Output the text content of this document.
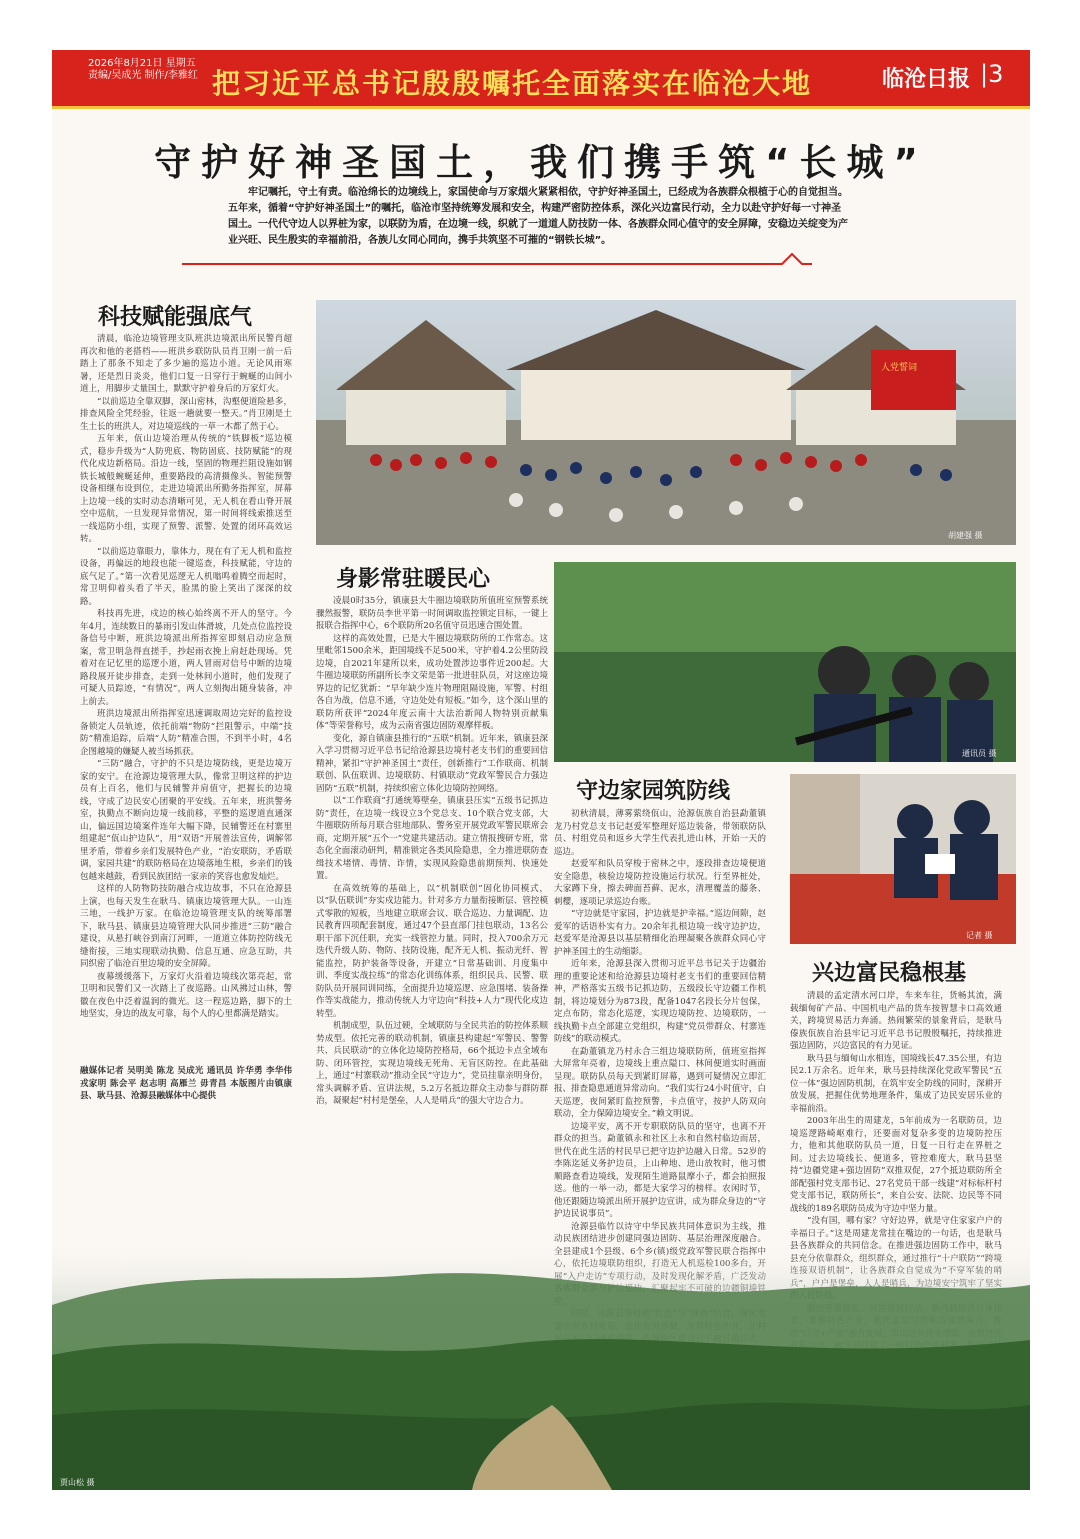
2026年8月21日 星期五
责编/吴成光 制作/李雅红 把习近平总书记殷殷嘱托全面落实在临沧大地	临沧日报 |3
守护好神圣国土，我们携手筑“长城”
牢记嘱托，守土有责。临沧绵长的边境线上，家国使命与万家烟火紧紧相依，守护好神圣国土，已经成为各族群众根植于心的自觉担当。五年来，循着“守护好神圣国土”的嘱托，临沧市坚持统筹发展和安全，构建严密防控体系，深化兴边富民行动，全力以赴守护好每一寸神圣国土。一代代守边人以界桩为家，以联防为盾，在边境一线，织就了一道道人防技防一体、各族群众同心值守的安全屏障，安稳边关绽变为产业兴旺、民生殷实的幸福前沿，各族儿女同心同向，携手共筑坚不可摧的“钢铁长城”。
科技赋能强底气

清晨，临沧边境管理支队班洪边境派出所民警肖超再次和他的老搭档——班洪乡联防队员肖卫刚一前一后踏上了那条不知走了多少遍的巡边小道。无论风雨寒暑，还是烈日炎炎，他们口复一日穿行于蜿蜒的山间小道上，用脚步丈量国土，默默守护着身后的万家灯火。

“以前巡边全靠双脚，深山密林，沟壑便道险悬多，排查风险全凭经验，往返一趟就要一整天。”肖卫刚是土生土长的班洪人，对边境巡线的一草一木都了然于心。

五年来，佤山边境治理从传统的“铁脚板”巡边模式，稳步升级为“人防兜底、物防固底、技防赋能”的现代化戍边新格局。沿边一线，坚固的物理拦阻设施如钢铁长城般蜿蜒延伸，重要路段的高清摄像头、智能预警设备相继布设到位，走进边境派出所勤务指挥室，屏幕上边境一线的实时动态清晰可见，无人机在看山脊开展空中巡航，一旦发现异常情况，第一时间将线索推送至一线巡防小组，实现了预警、派警、处置的闭环高效运转。

“以前巡边靠眼力，靠体力，现在有了无人机和监控设备，再偏远的地段也能一键巡查，科技赋能，守边的底气足了。”第一次看见巡逻无人机嗡鸣着腾空而起时，常卫明仰着头看了半天，脸黑的脸上笑出了深深的纹路。

科技再先进，戍边的核心始终离不开人的坚守。今年4月，连续数日的暴雨引发山体滑坡，几处点位监控设备信号中断，班洪边境派出所指挥室即刻启动应急预案，常卫明急得直搓手，抄起雨衣挽上肩赶赴现场。凭着对在记忆里的巡逻小道，两人冒雨对信号中断的边境路段展开徒步排查，走到一处林间小道时，他们发现了可疑人员踪迹，“有情况”，两人立刻掏出随身装备，冲上前去。

班洪边境派出所指挥室迅速调取周边完好的监控设备锁定人员轨迹，依托前端“物防”拦阻警示，中端“技防”精准追踪，后端“人防”精准合围，不到半小时，4名企图越境的嫌疑人被当场抓获。

“三防”融合，守护的不只是边境防线，更是边境万家的安宁。在沧源边境管理大队，像常卫明这样的护边员有上百名，他们与民辅警并肩值守，把握长的边境线，守成了边民安心团聚的平安线。五年来，班洪警务室，执勤点不断向边境一线前移，平整的巡逻道直通深山，偏远国边境案件连年大幅下降，民辅警还在村寨里组建起“佤山护边队”，用“双语”开展普法宣传，调解邻里矛盾，带着乡亲们发展特色产业，“治安联防，矛盾联调，家园共建”的联防格局在边境落地生根，乡亲们的钱包越来越鼓，看到民族团结一家亲的笑容也愈发灿烂。

这样的人防物防技防融合戍边故事，不只在沧源县上演，也每天发生在耿马、镇康边境管理大队。一山连三地，一线护万家。在临沧边境管理支队的统筹部署下，耿马县、镇康县边境管理大队同步推进“三防”融合建设，从悬打峡谷到南汀河畔，一道道立体防控防线无缝衔接，三地实现联动执勤、信息互通、应急互助，共同织密了临沧百里边境的安全屏障。

夜幕缓缓落下，万家灯火沿着边境线次第亮起，常卫明和民警们又一次踏上了夜巡路。山风拂过山林，警徽在夜色中泛着温润的微光。这一程巡边路，脚下的土地坚实，身边的战友可靠，每个人的心里都满是踏实。

融媒体记者 吴明美 陈龙 吴成光 通讯员 许华勇 李华伟 戎家明 陈会平 赵志明 高雁兰 毋青昌 本版图片由镇康县、耿马县、沧源县融媒体中心提供
人党誓词
胡建强 摄
身影常驻暖民心

凌晨0时35分，镇康县大牛圈边境联防所值班室预警系统骤然报警，联防员李世平第一时间调取监控锁定目标，一键上报联合指挥中心，6个联防所20名值守员迅速合围处置。

这样的高效处置，已是大牛圈边境联防所的工作常态。这里毗邻1500余米，距国境线不足500米，守护着4.2公里防段边境，自2021年建所以来，成功处置涉边事件近200起。大牛圈边境联防所副所长李文荣是第一批进驻队员，对这座边境界边的记忆犹新：“早年缺少连片物理阻隔设施，军警、村组各自为战，信息不通，守边处处有短板。”如今，这个深山里的联防所获评“2024年度云南十大法治新闻人物特别贡献集体”等荣誉称号，成为云南省强边固防观摩样板。

变化，源自镇康县推行的“五联”机制。近年来，镇康县深入学习贯彻习近平总书记给沧源县边境村老支书们的重要回信精神，紧扣“守护神圣国土”责任，创新推行“工作联商、机制联创、队伍联训、边境联防、村镇联动”党政军警民合力强边固防“五联”机制，持续织密立体化边境防控网络。

以“工作联商”打通统筹壁垒，镇康县压实“五级书记抓边防”责任，在边境一线设立3个党总支、10个联合党支部，大牛圈联防所每月联合驻地部队、警务室开展党政军警民联席会商，定期开展“五个一”党建共建活动。建立情报搜研专班，常态化全面滚动研判，精准锁定各类风险隐患，全力推进联防查缉技术堵情、毒情、诈情，实现风险隐患前期预判、快速处置。

在高效统筹的基础上，以“机制联创”固化协同模式，以“队伍联训”夯实戍边能力。针对多方力量衔接断层、管控模式零散的短板，当地建立联席会议、联合巡边、力量调配、边民教育四项配套制度，通过47个县直部门挂包联动，13名公职干部下沉任职，充实一线管控力量。同时，投入700余万元迭代升级人防、物防、技防设施，配齐无人机、振动光纤、智能监控，防护装备等设备，开建立“日常基础训、月度集中训、季度实战拉练”的常态化训练体系，组织民兵、民警、联防队员开展同训同练，全面提升边境巡逻、应急围堵、装备操作等实战能力，推动传统人力守边向“科技+人力”现代化戍边转型。

机制成型，队伍过硬，全域联防与全民共治的防控体系顺势成型。依托完善的联动机制，镇康县构建起“军警民、警警共、兵民联动”的立体化边境防控格局，66个抵边卡点全域布防、闭环管控，实现边境线无死角、无盲区防控。在此基础上，通过“村寨联动”推动全民“守边力”，党员挂靠亲明身份，常头调解矛盾、宣讲法规，5.2万名抵边群众主动参与群防群治，凝聚起“村村是堡垒，人人是哨兵”的强大守边合力。

通讯员 摄
守边家园筑防线

初秋清晨，薄雾萦绕佤山，沧源佤族自治县勐董镇龙乃村党总支书记赵爱军整理好巡边装备，带领联防队员、村组党员和返乡大学生代表扎进山林，开始一天的巡边。

赵爱军和队员穿梭于密林之中，逐段排查边境便道安全隐患，核验边境防控设施运行状况。行至界桩处，大家蹲下身，擦去碑面苔藓、泥水，清理覆盖的藤条、刺樱，逐项记录巡边台账。

“守边就是守家园，护边就是护幸福。”巡边间隙，赵爱军的话语朴实有力。20余年扎根边境一线守边护边，赵爱军是沧源县以基层精细化治理凝聚各族群众同心守护神圣国土的生动缩影。

近年来，沧源县深入贯彻习近平总书记关于边疆治理的重要论述和给沧源县边境村老支书们的重要回信精神，严格落实五级书记抓边防，五级段长守边疆工作机制，将边境划分为873段，配备1047名段长分片包保，定点布防，常态化巡逻，实现边境防控、边境联防，一线执勤卡点全部建立党组织，构建“党员带群众、村寨连防线”的联动模式。

在勐董镇龙乃村永合三组边境联防所，值班室指挥大屏常年亮着，边境线上重点隘口、林间便道实时画面呈现。联防队员每天到紧盯屏幕，遇到可疑情况立即汇报、排查隐患通道异常动向。“我们实行24小时值守，白天巡逻，夜间紧盯监控预警，卡点值守，按护人防双向联动，全力保障边境安全。”赖文明说。

边境平安，离不开专职联防队员的坚守，也离不开群众的担当。勐董镇永和社区上永和自然村临边而居，世代在此生活的村民早已把守边护边融入日常。52岁的李陈迄延义务护边员，上山种地、进山放牧时，他习惯顺路查看边境线，发现陌生道路鼠摩小子，都会拍照报送。他的一举一动，都是大家学习的榜样。农闲时节，他还跟随边境派出所开展护边宣讲，成为群众身边的“守护边民说事员”。

沧源县临竹以诗守中华民族共同体意识为主线，推动民族团结进步创建同强边固防、基层治理深度融合。

记者 摄
兴边富民稳根基

清晨的孟定清水河口岸，车来车往，货畅其流，满载缅甸矿产品、中国机电产品的货车按智慧卡口高效通关，跨境贸易活力奔涌。热闹繁荣的景象背后，是耿马傣族佤族自治县牢记习近平总书记殷殷嘱托，持续推进强边固防，兴边富民的有力见证。

耿马县与缅甸山水相连，国境线长47.35公里，有边民2.1万余名。近年来，耿马县持续深化党政军警民“五位一体”强边固防机制，在筑牢安全防线的同时，深耕开放发展，把握住优势地理条件，集成了边民安居乐业的幸福前沿。

2003年出生的周建龙，5年前成为一名联防员，边境巡逻路崎岖难行，还要面对复杂多变的边境防控压力，他和其他联防队员一道，日复一日行走在界桩之间。过去边境线长、便道多，管控难度大，耿马县坚持“边疆党建+强边固防”双推双促，27个抵边联防所全部配强村党支部书记、27名党员干部一线建“对标标杆村党支部书记，联防所长”，来自公安、法院、边民等不同战线的189名联防员成为守边中坚力量。

“没有国，哪有家？守好边界，就是守住家家户户的幸福日子。”这是周建龙常挂在嘴边的一句话，也是耿马

贾山松 摄
